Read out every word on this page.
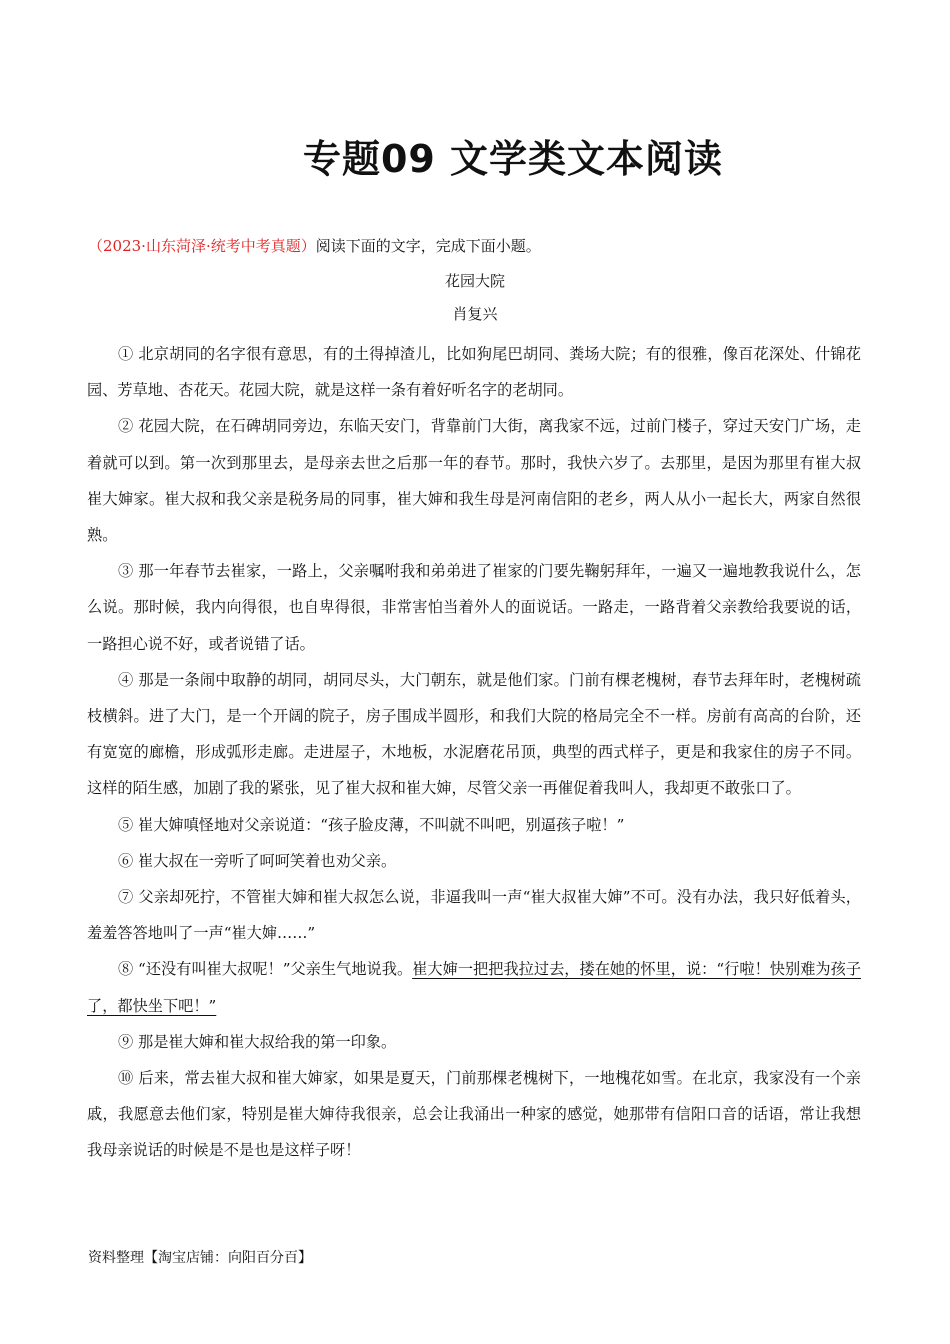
专题09 文学类文本阅读
（2023·山东菏泽·统考中考真题）阅读下面的文字，完成下面小题。
花园大院
肖复兴

① 北京胡同的名字很有意思，有的土得掉渣儿，比如狗尾巴胡同、粪场大院；有的很雅，像百花深处、什锦花园、芳草地、杏花天。花园大院，就是这样一条有着好听名字的老胡同。

② 花园大院，在石碑胡同旁边，东临天安门，背靠前门大街，离我家不远，过前门楼子，穿过天安门广场，走着就可以到。第一次到那里去，是母亲去世之后那一年的春节。那时，我快六岁了。去那里，是因为那里有崔大叔崔大婶家。崔大叔和我父亲是税务局的同事，崔大婶和我生母是河南信阳的老乡，两人从小一起长大，两家自然很熟。

③ 那一年春节去崔家，一路上，父亲嘱咐我和弟弟进了崔家的门要先鞠躬拜年，一遍又一遍地教我说什么，怎么说。那时候，我内向得很，也自卑得很，非常害怕当着外人的面说话。一路走，一路背着父亲教给我要说的话，一路担心说不好，或者说错了话。

④ 那是一条闹中取静的胡同，胡同尽头，大门朝东，就是他们家。门前有棵老槐树，春节去拜年时，老槐树疏枝横斜。进了大门，是一个开阔的院子，房子围成半圆形，和我们大院的格局完全不一样。房前有高高的台阶，还有宽宽的廊檐，形成弧形走廊。走进屋子，木地板，水泥磨花吊顶，典型的西式样子，更是和我家住的房子不同。这样的陌生感，加剧了我的紧张，见了崔大叔和崔大婶，尽管父亲一再催促着我叫人，我却更不敢张口了。

⑤ 崔大婶嗔怪地对父亲说道：“孩子脸皮薄，不叫就不叫吧，别逼孩子啦！”

⑥ 崔大叔在一旁听了呵呵笑着也劝父亲。

⑦ 父亲却死拧，不管崔大婶和崔大叔怎么说，非逼我叫一声“崔大叔崔大婶”不可。没有办法，我只好低着头，羞羞答答地叫了一声“崔大婶……”

⑧ “还没有叫崔大叔呢！”父亲生气地说我。崔大婶一把把我拉过去，搂在她的怀里，说：“行啦！快别难为孩子了，都快坐下吧！”

⑨ 那是崔大婶和崔大叔给我的第一印象。

⑩ 后来，常去崔大叔和崔大婶家，如果是夏天，门前那棵老槐树下，一地槐花如雪。在北京，我家没有一个亲戚，我愿意去他们家，特别是崔大婶待我很亲，总会让我涌出一种家的感觉，她那带有信阳口音的话语，常让我想我母亲说话的时候是不是也是这样子呀！

资料整理【淘宝店铺：向阳百分百】
